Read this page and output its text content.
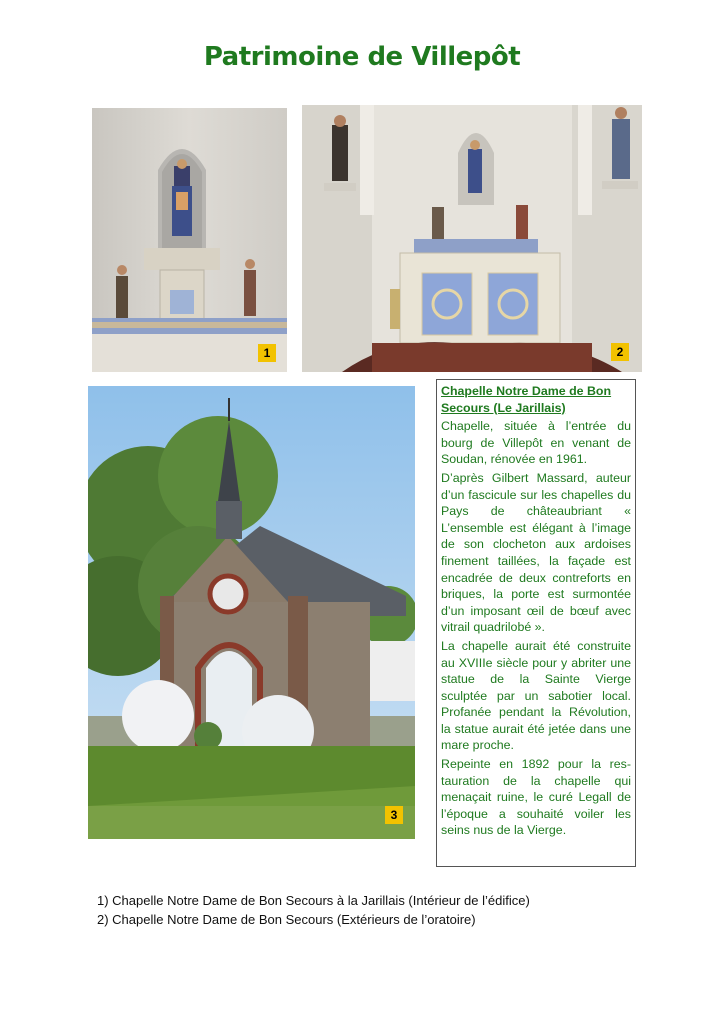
Patrimoine de Villepôt
1	2
3
Chapelle Notre Dame de Bon Secours (Le Jarillais)

Chapelle, située à l’entrée du bourg de Villepôt en venant de Soudan, rénovée en 1961.

D’après Gilbert Massard, auteur d’un fascicule sur les chapelles du Pays de châteaubriant « L’ensemble est élégant à l’image de son clocheton aux ardoises finement taillées, la façade est encadrée de deux contreforts en briques, la porte est surmontée d’un imposant œil de bœuf avec vitrail quadrilobé ».

La chapelle aurait été construite au XVIIIe siècle pour y abriter une statue de la Sainte Vierge sculptée par un sabotier local. Profanée pendant la Révolution, la statue aurait été jetée dans une mare proche.

Repeinte en 1892 pour la restauration de la chapelle qui menaçait ruine, le curé Legall de l’époque a souhaité voiler les seins nus de la Vierge.

1) Chapelle Notre Dame de Bon Secours à la Jarillais (Intérieur de l’édifice)
2) Chapelle Notre Dame de Bon Secours (Extérieurs de l’oratoire)
